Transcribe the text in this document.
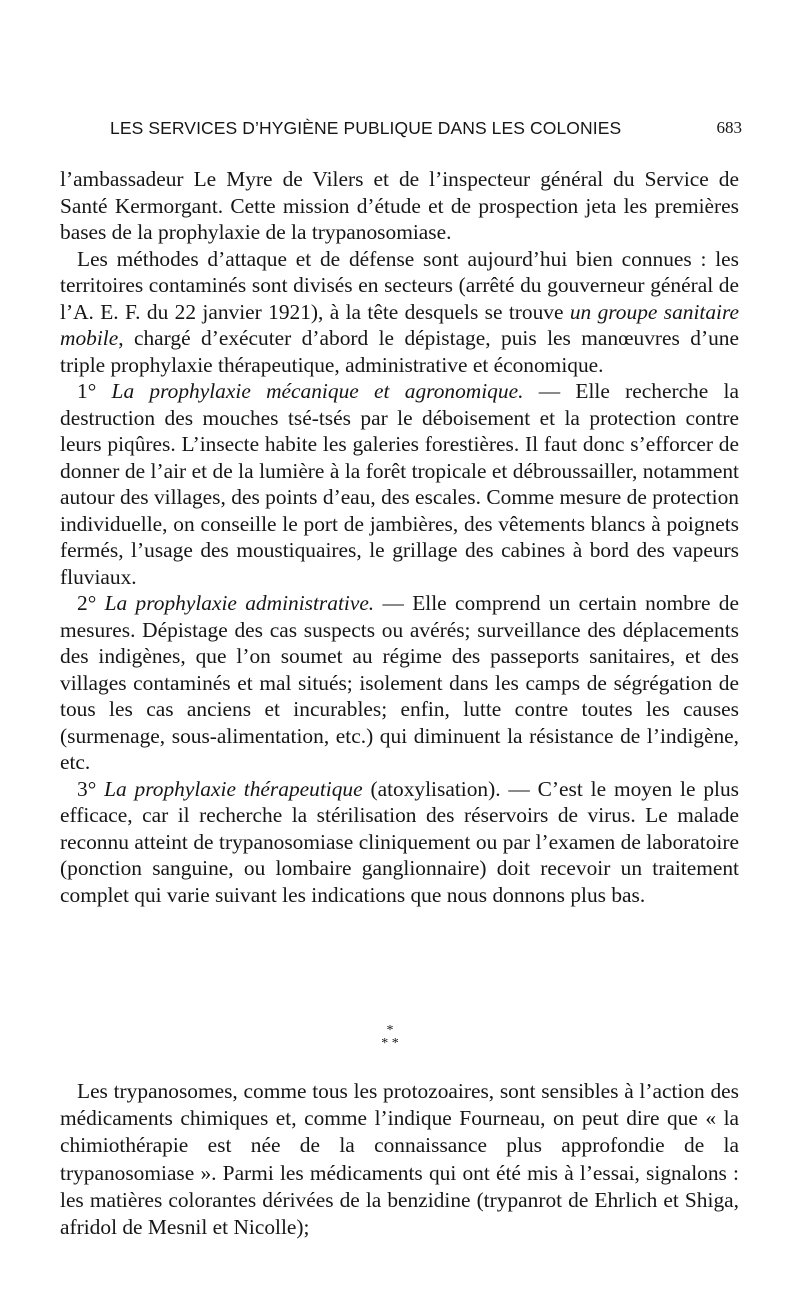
LES SERVICES D’HYGIÈNE PUBLIQUE DANS LES COLONIES	683

l’ambassadeur Le Myre de Vilers et de l’inspecteur général du Service de Santé Kermorgant. Cette mission d’étude et de prospection jeta les premières bases de la prophylaxie de la trypanosomiase.

Les méthodes d’attaque et de défense sont aujourd’hui bien connues : les territoires contaminés sont divisés en secteurs (arrêté du gouverneur général de l’A. E. F. du 22 janvier 1921), à la tête desquels se trouve un groupe sanitaire mobile, chargé d’exécuter d’abord le dépistage, puis les manœuvres d’une triple prophylaxie thérapeutique, administrative et économique.

1° La prophylaxie mécanique et agronomique. — Elle recherche la destruction des mouches tsé-tsés par le déboisement et la protection contre leurs piqûres. L’insecte habite les galeries forestières. Il faut donc s’efforcer de donner de l’air et de la lumière à la forêt tropicale et débroussailler, notamment autour des villages, des points d’eau, des escales. Comme mesure de protection individuelle, on conseille le port de jambières, des vêtements blancs à poignets fermés, l’usage des moustiquaires, le grillage des cabines à bord des vapeurs fluviaux.

2° La prophylaxie administrative. — Elle comprend un certain nombre de mesures. Dépistage des cas suspects ou avérés; surveillance des déplacements des indigènes, que l’on soumet au régime des passeports sanitaires, et des villages contaminés et mal situés; isolement dans les camps de ségrégation de tous les cas anciens et incurables; enfin, lutte contre toutes les causes (surmenage, sous-alimentation, etc.) qui diminuent la résistance de l’indigène, etc.

3° La prophylaxie thérapeutique (atoxylisation). — C’est le moyen le plus efficace, car il recherche la stérilisation des réservoirs de virus. Le malade reconnu atteint de trypanosomiase cliniquement ou par l’examen de laboratoire (ponction sanguine, ou lombaire ganglionnaire) doit recevoir un traitement complet qui varie suivant les indications que nous donnons plus bas.

*
* *

Les trypanosomes, comme tous les protozoaires, sont sensibles à l’action des médicaments chimiques et, comme l’indique Fourneau, on peut dire que « la chimiothérapie est née de la connaissance plus approfondie de la trypanosomiase ». Parmi les médicaments qui ont été mis à l’essai, signalons : les matières colorantes dérivées de la benzidine (trypanrot de Ehrlich et Shiga, afridol de Mesnil et Nicolle);
